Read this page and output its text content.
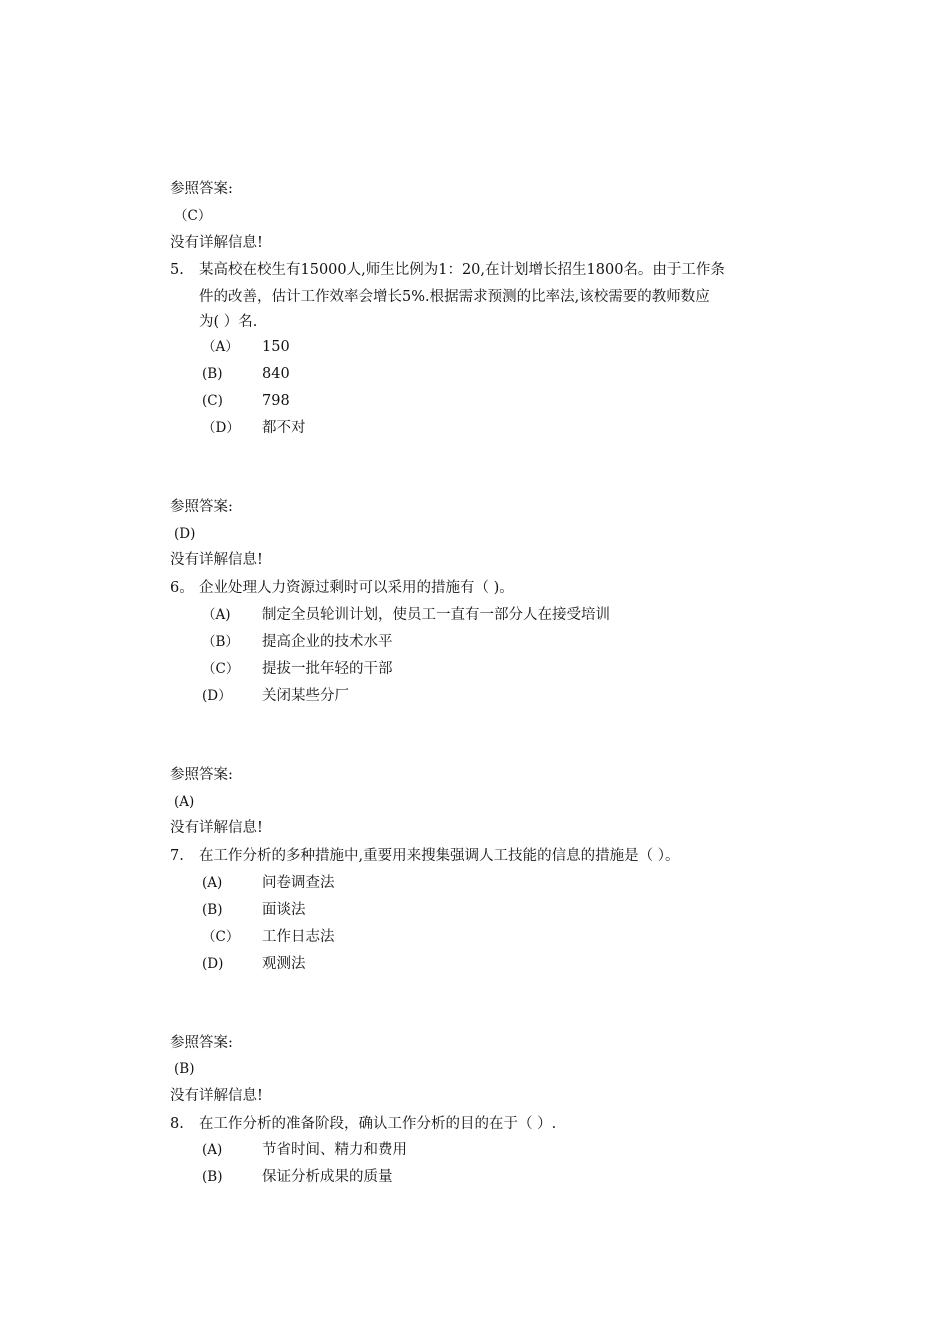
参照答案:
（C）
没有详解信息!
5. 某高校在校生有15000人,师生比例为1：20,在计划增长招生1800名。由于工作条
件的改善，估计工作效率会增长5%.根据需求预测的比率法,该校需要的教师数应
为( ）名.
（A） 150
(B)	840
(C)	798
（D） 都不对
参照答案:
(D)
没有详解信息!
6。 企业处理人力资源过剩时可以采用的措施有（ )。
（A) 制定全员轮训计划，使员工一直有一部分人在接受培训
（B） 提高企业的技术水平
（C） 提拔一批年轻的干部
(D） 关闭某些分厂
参照答案:
(A)
没有详解信息!
7. 在工作分析的多种措施中,重要用来搜集强调人工技能的信息的措施是（ ）。
(A)	问卷调查法
(B)	面谈法
（C） 工作日志法
(D)	观测法
参照答案:
(B)
没有详解信息!
8. 在工作分析的准备阶段，确认工作分析的目的在于（ ）.
(A)	节省时间、精力和费用
(B)	保证分析成果的质量
